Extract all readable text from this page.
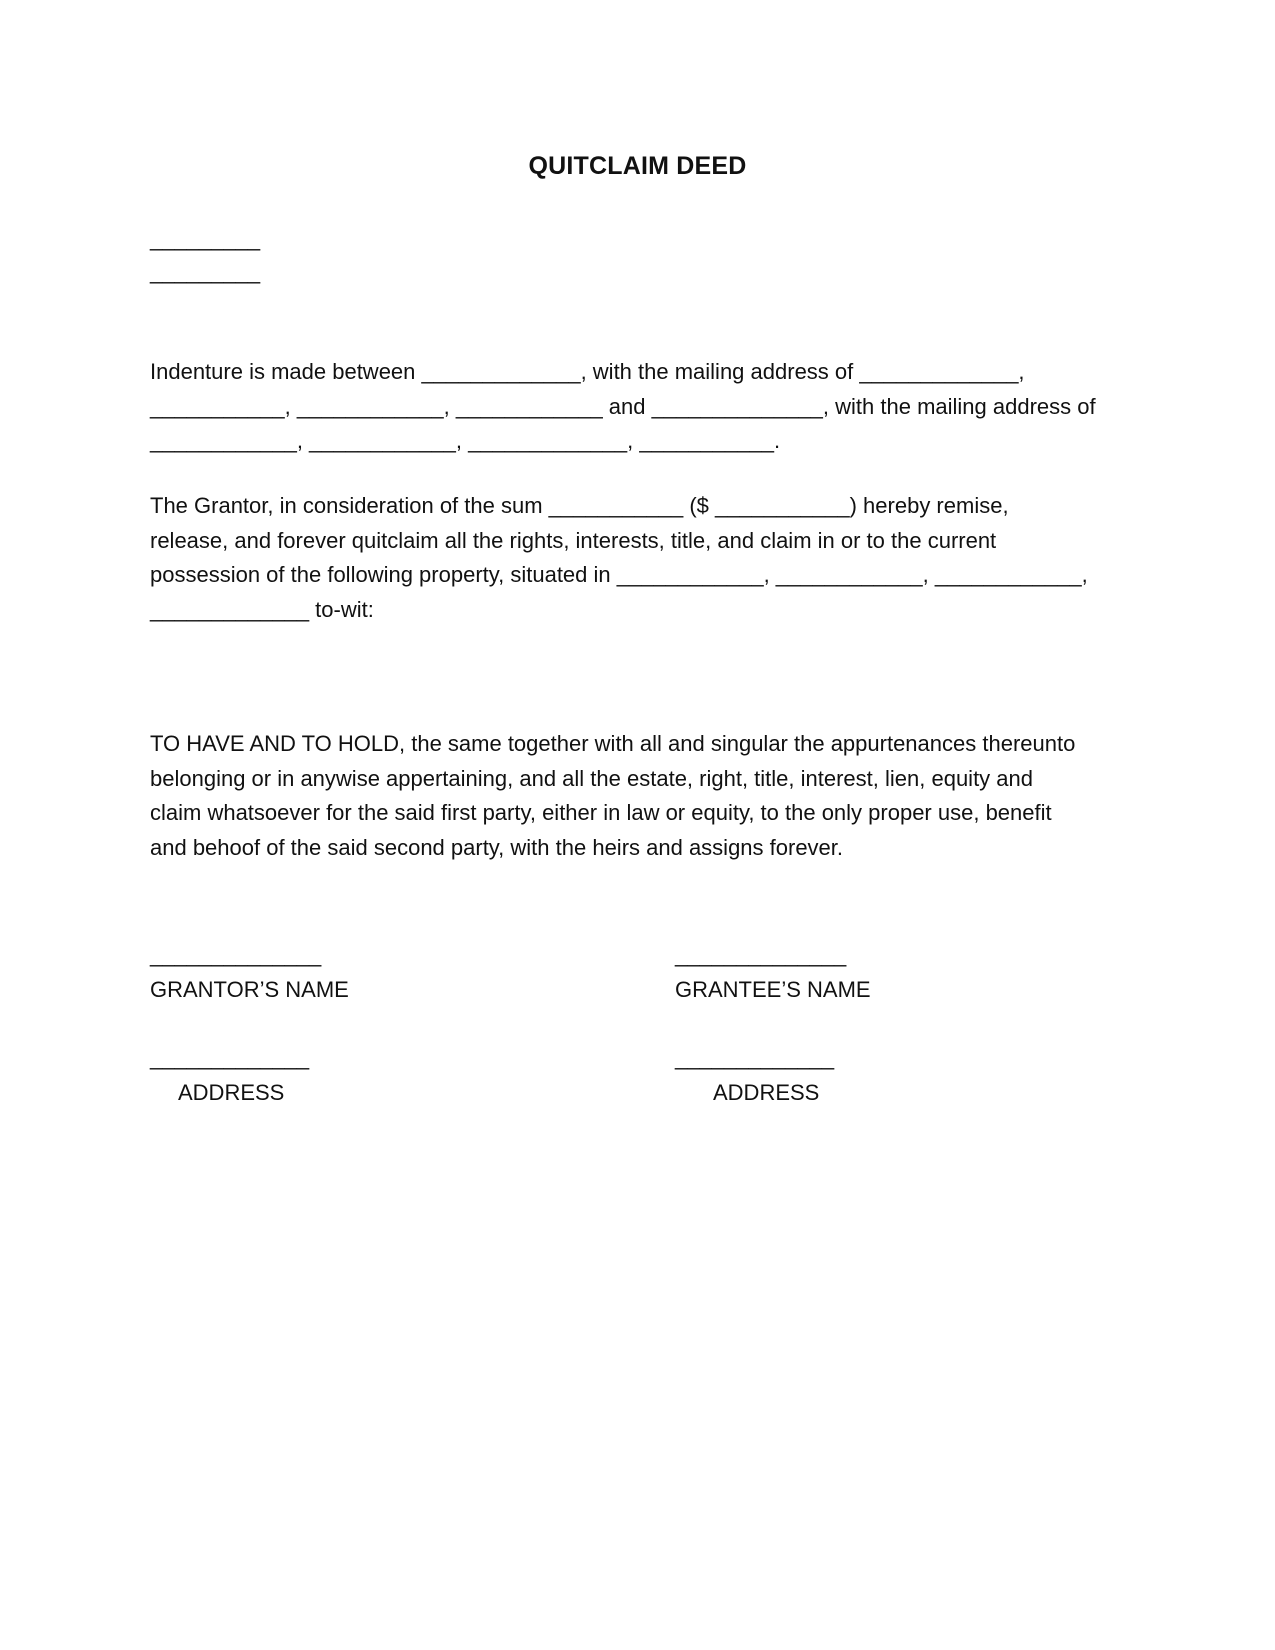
QUITCLAIM DEED
_________
_________
Indenture is made between _____________, with the mailing address of _____________,
___________, ____________, ____________ and ______________, with the mailing address of
____________, ____________, _____________, ___________.
The Grantor, in consideration of the sum ___________ ($ ___________) hereby remise,
release, and forever quitclaim all the rights, interests, title, and claim in or to the current
possession of the following property, situated in ____________, ____________, ____________,
_____________ to-wit:
TO HAVE AND TO HOLD, the same together with all and singular the appurtenances thereunto
belonging or in anywise appertaining, and all the estate, right, title, interest, lien, equity and
claim whatsoever for the said first party, either in law or equity, to the only proper use, benefit
and behoof of the said second party, with the heirs and assigns forever.
______________
GRANTOR’S NAME
______________
GRANTEE’S NAME
_____________
ADDRESS
_____________
ADDRESS
